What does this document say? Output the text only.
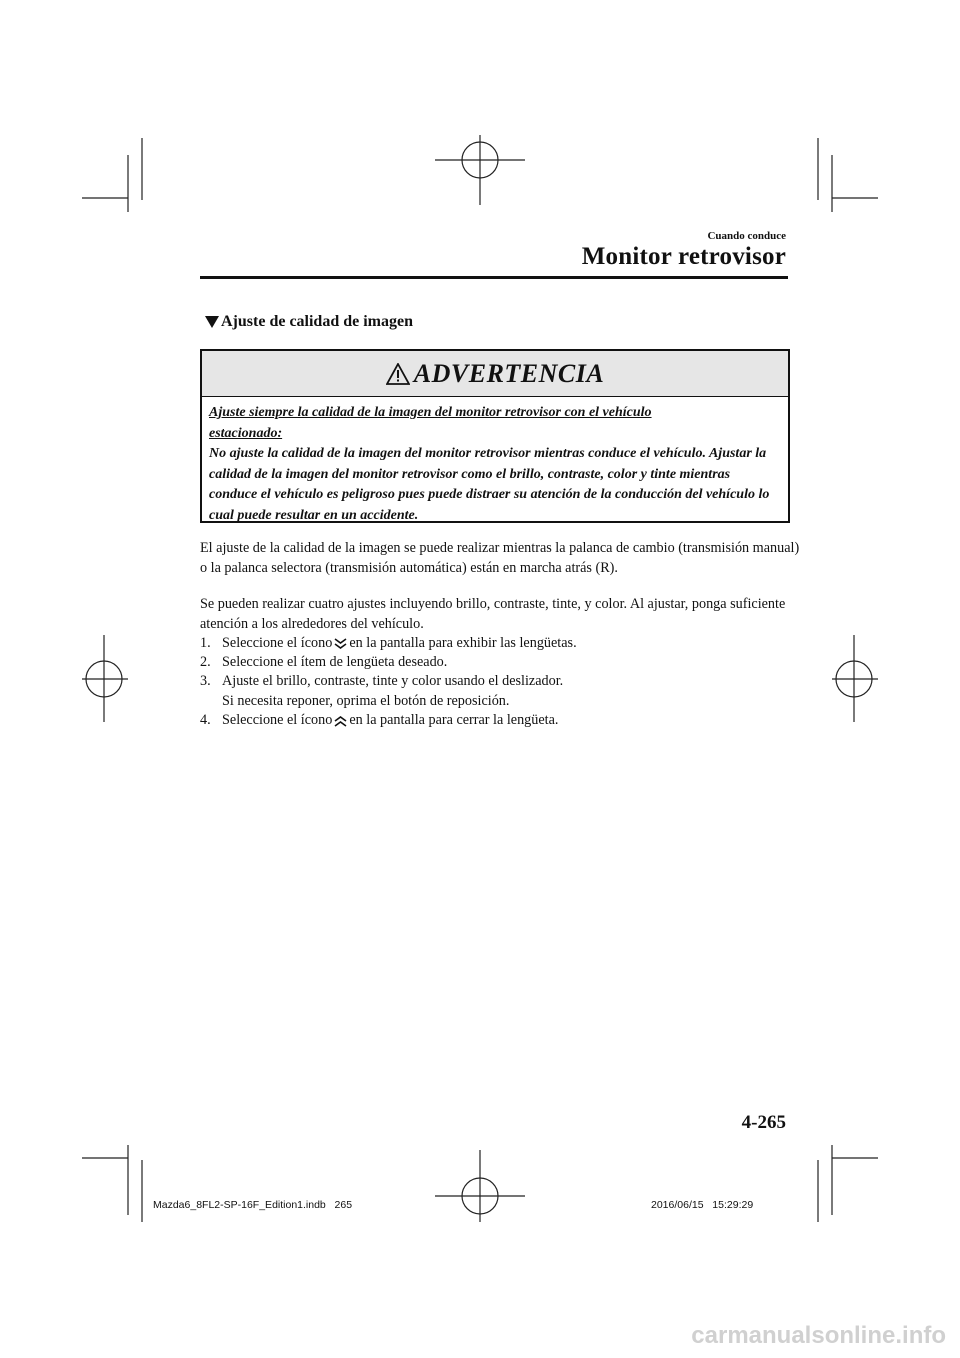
Cuando conduce
Monitor retrovisor
Ajuste de calidad de imagen
ADVERTENCIA
Ajuste siempre la calidad de la imagen del monitor retrovisor con el vehículo
estacionado:
No ajuste la calidad de la imagen del monitor retrovisor mientras conduce el vehículo. Ajustar la calidad de la imagen del monitor retrovisor como el brillo, contraste, color y tinte mientras conduce el vehículo es peligroso pues puede distraer su atención de la conducción del vehículo lo cual puede resultar en un accidente.
El ajuste de la calidad de la imagen se puede realizar mientras la palanca de cambio (transmisión manual) o la palanca selectora (transmisión automática) están en marcha atrás (R).
Se pueden realizar cuatro ajustes incluyendo brillo, contraste, tinte, y color. Al ajustar, ponga suficiente atención a los alrededores del vehículo.
1. Seleccione el ícono en la pantalla para exhibir las lengüetas.
2. Seleccione el ítem de lengüeta deseado.
3. Ajuste el brillo, contraste, tinte y color usando el deslizador.
Si necesita reponer, oprima el botón de reposición.
4. Seleccione el ícono en la pantalla para cerrar la lengüeta.
4-265
Mazda6_8FL2-SP-16F_Edition1.indb   265	2016/06/15   15:29:29
carmanualsonline.info
